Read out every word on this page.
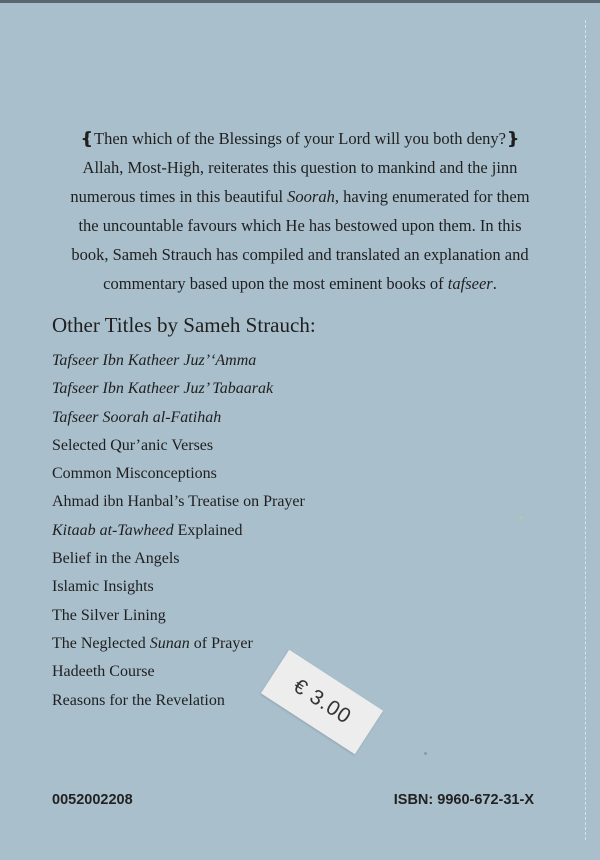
❴Then which of the Blessings of your Lord will you both deny?❵

Allah, Most-High, reiterates this question to mankind and the jinn

numerous times in this beautiful Soorah, having enumerated for them

the uncountable favours which He has bestowed upon them. In this

book, Sameh Strauch has compiled and translated an explanation and

commentary based upon the most eminent books of tafseer.

Other Titles by Sameh Strauch:
Tafseer Ibn Katheer Juz’‘Amma
Tafseer Ibn Katheer Juz’ Tabaarak
Tafseer Soorah al-Fatihah
Selected Qur’anic Verses
Common Misconceptions
Ahmad ibn Hanbal’s Treatise on Prayer
Kitaab at-Tawheed Explained
Belief in the Angels
Islamic Insights
The Silver Lining
The Neglected Sunan of Prayer
Hadeeth Course
Reasons for the Revelation	€ 3.00
0052002208	ISBN: 9960-672-31-X
